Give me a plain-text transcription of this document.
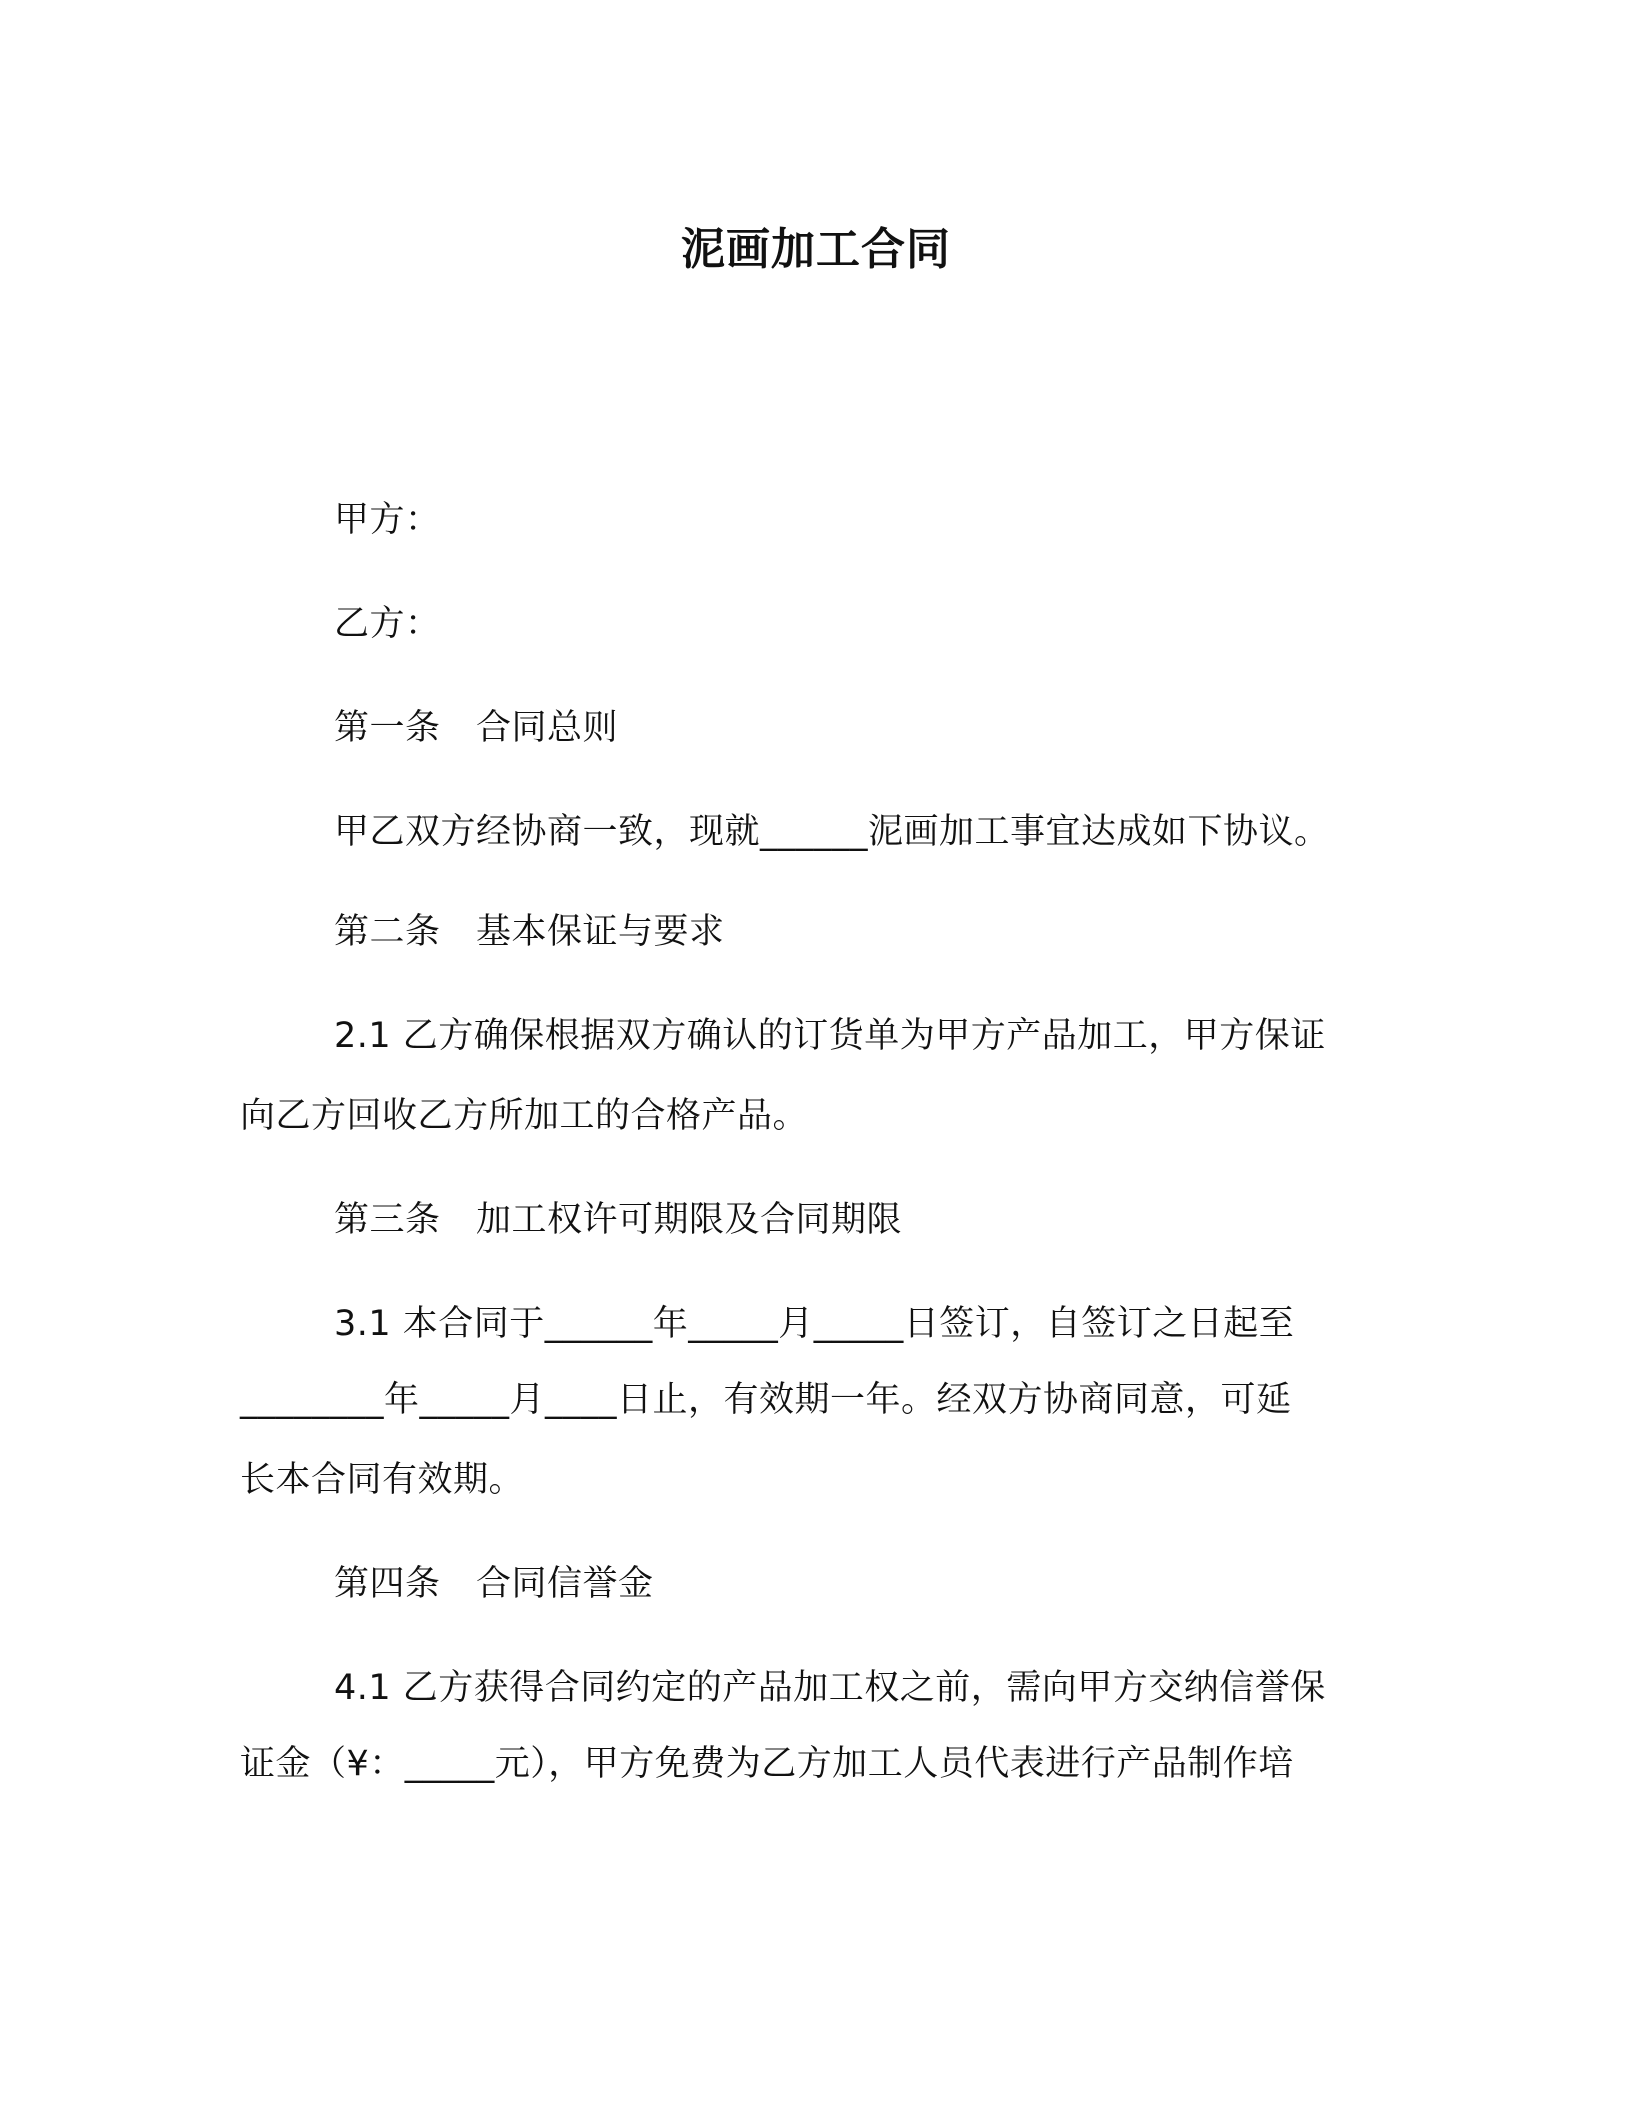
泥画加工合同
甲方：
乙方：
第一条　合同总则
甲乙双方经协商一致，现就______泥画加工事宜达成如下协议。
第二条　基本保证与要求
2.1 乙方确保根据双方确认的订货单为甲方产品加工，甲方保证
向乙方回收乙方所加工的合格产品。
第三条　加工权许可期限及合同期限
3.1 本合同于______年_____月_____日签订，自签订之日起至
________年_____月____日止，有效期一年。经双方协商同意，可延
长本合同有效期。
第四条　合同信誉金
4.1 乙方获得合同约定的产品加工权之前，需向甲方交纳信誉保
证金（¥：_____元），甲方免费为乙方加工人员代表进行产品制作培
